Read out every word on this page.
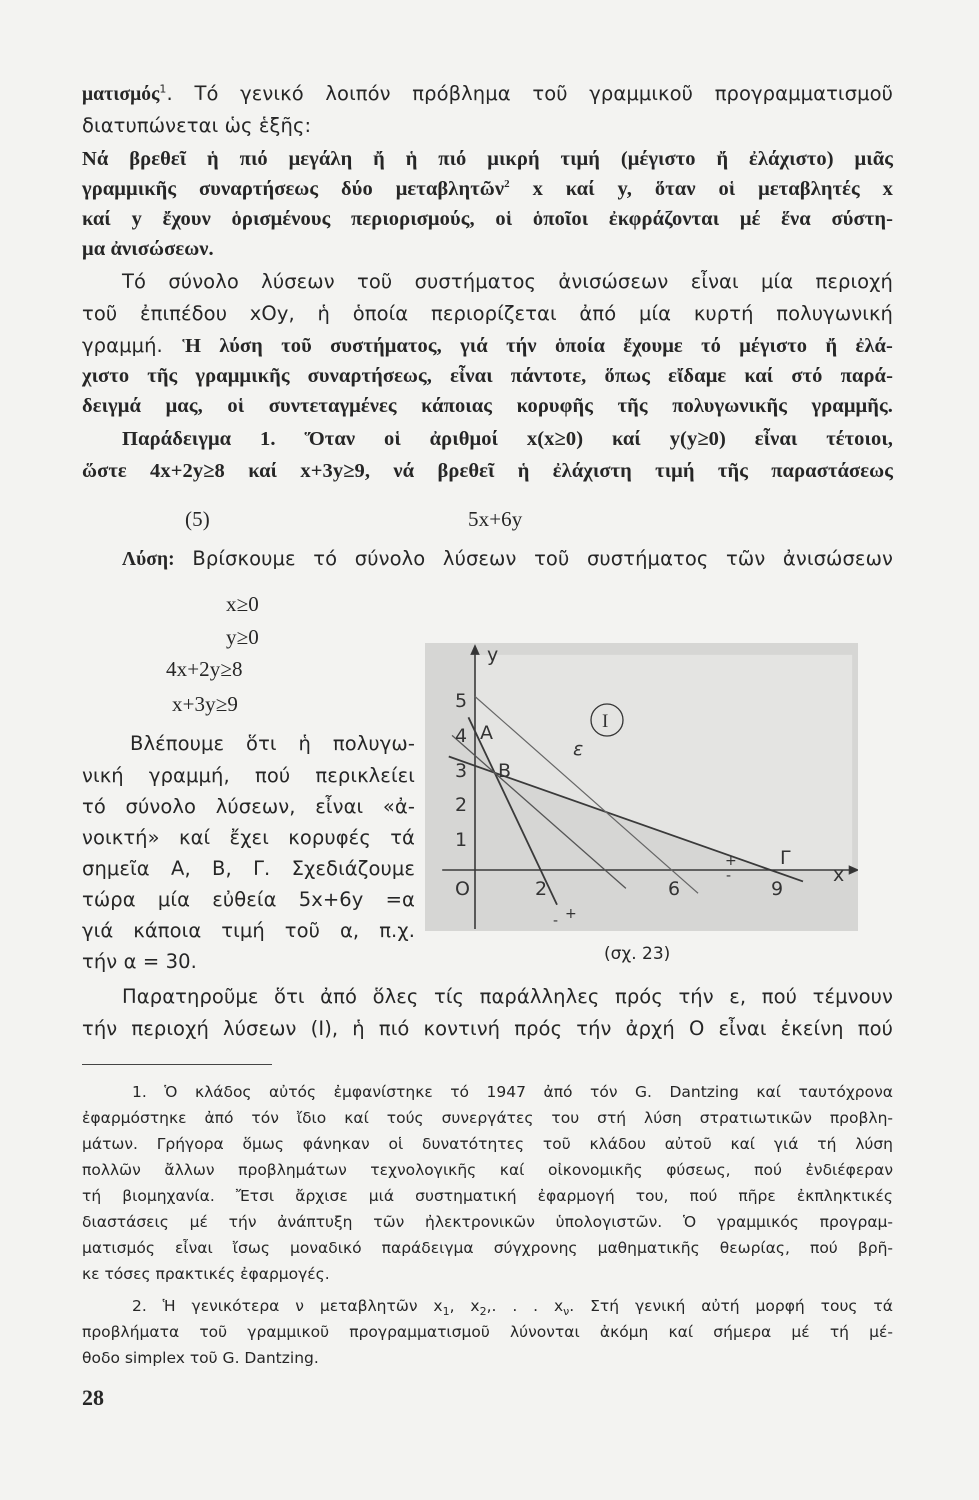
ματισμός$^1$. Τό γενικό λοιπόν πρόβλημα τοῦ γραμμικοῦ προγραμματισμοῦ
διατυπώνεται ὡς ἑξῆς:
Νά βρεθεῖ ἡ πιό μεγάλη ἤ ἡ πιό μικρή τιμή (μέγιστο ἤ ἐλάχιστο) μιᾶς
γραμμικῆς συναρτήσεως δύο μεταβλητῶν$^2$ x καί y, ὅταν οἱ μεταβλητές x
καί y ἔχουν ὁρισμένους περιορισμούς, οἱ ὁποῖοι ἐκφράζονται μέ ἕνα σύστη-
μα ἀνισώσεων.
Τό σύνολο λύσεων τοῦ συστήματος ἀνισώσεων εἶναι μία περιοχή
τοῦ ἐπιπέδου xOy, ἡ ὁποία περιορίζεται ἀπό μία κυρτή πολυγωνική
γραμμή. Ἡ λύση τοῦ συστήματος, γιά τήν ὁποία ἔχουμε τό μέγιστο ἤ ἐλά-
χιστο τῆς γραμμικῆς συναρτήσεως, εἶναι πάντοτε, ὅπως εἴδαμε καί στό παρά-
δειγμά μας, οἱ συντεταγμένες κάποιας κορυφῆς τῆς πολυγωνικῆς γραμμῆς.
Παράδειγμα 1. Ὅταν οἱ ἀριθμοί x(x≥0) καί y(y≥0) εἶναι τέτοιοι,
ὥστε 4x+2y≥8 καί x+3y≥9, νά βρεθεῖ ἡ ἐλάχιστη τιμή τῆς παραστάσεως
(5)	5x+6y
Λύση: Βρίσκουμε τό σύνολο λύσεων τοῦ συστήματος τῶν ἀνισώσεων
x≥0
y≥0
4x+2y≥8
x+3y≥9
Βλέπουμε ὅτι ἡ πολυγω-
νική γραμμή, πού περικλείει
τό σύνολο λύσεων, εἶναι «ἀ-
νοικτή» καί ἔχει κορυφές τά
σημεῖα Α, Β, Γ. Σχεδιάζουμε
τώρα μία εὐθεία 5x+6y =α
γιά κάποια τιμή τοῦ α, π.χ.
τήν α = 30.
y
x
O	2	6	9
1
2
3
4
5
A
B
Γ
ε
I
+
-
+
-
(σχ. 23)
Παρατηροῦμε ὅτι ἀπό ὅλες τίς παράλληλες πρός τήν ε, πού τέμνουν
τήν περιοχή λύσεων (I), ἡ πιό κοντινή πρός τήν ἀρχή O εἶναι ἐκείνη πού
1. Ὁ κλάδος αὐτός ἐμφανίστηκε τό 1947 ἀπό τόν G. Dantzing καί ταυτόχρονα
ἐφαρμόστηκε ἀπό τόν ἴδιο καί τούς συνεργάτες του στή λύση στρατιωτικῶν προβλη-
μάτων. Γρήγορα ὅμως φάνηκαν οἱ δυνατότητες τοῦ κλάδου αὐτοῦ καί γιά τή λύση
πολλῶν ἄλλων προβλημάτων τεχνολογικῆς καί οἰκονομικῆς φύσεως, πού ἐνδιέφεραν
τή βιομηχανία. Ἔτσι ἄρχισε μιά συστηματική ἐφαρμογή του, πού πῆρε ἐκπληκτικές
διαστάσεις μέ τήν ἀνάπτυξη τῶν ἠλεκτρονικῶν ὑπολογιστῶν. Ὁ γραμμικός προγραμ-
ματισμός εἶναι ἴσως μοναδικό παράδειγμα σύγχρονης μαθηματικῆς θεωρίας, πού βρῆ-
κε τόσες πρακτικές ἐφαρμογές.
2. Ἡ γενικότερα ν μεταβλητῶν $x_1$, $x_2$,. . . $x_\nu$. Στή γενική αὐτή μορφή τους τά
προβλήματα τοῦ γραμμικοῦ προγραμματισμοῦ λύνονται ἀκόμη καί σήμερα μέ τή μέ-
θοδο simplex τοῦ G. Dantzing.
28
